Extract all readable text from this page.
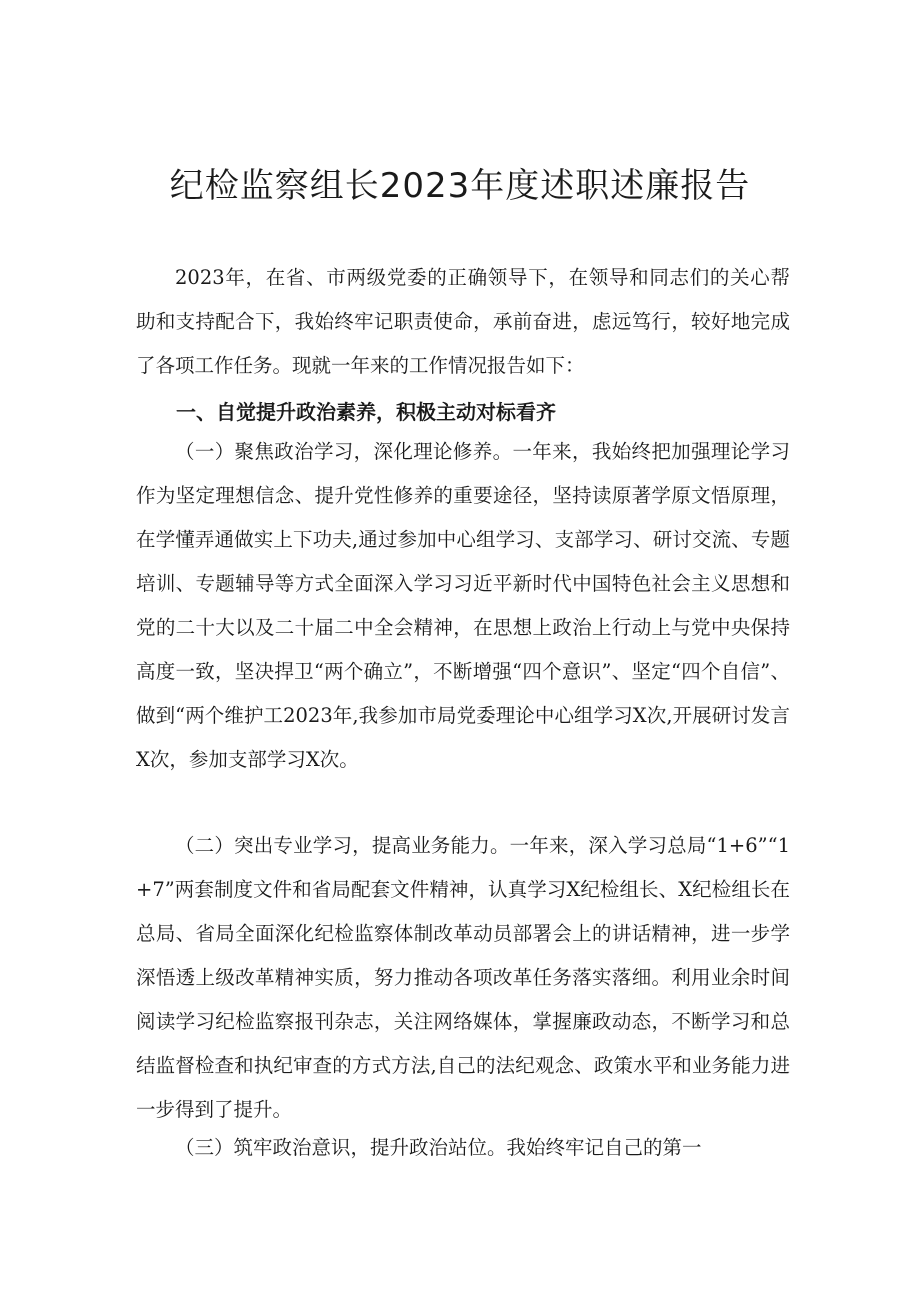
纪检监察组长2023年度述职述廉报告

2023年，在省、市两级党委的正确领导下，在领导和同志们的关心帮助和支持配合下，我始终牢记职责使命，承前奋进，虑远笃行，较好地完成了各项工作任务。现就一年来的工作情况报告如下：

一、自觉提升政治素养，积极主动对标看齐

（一）聚焦政治学习，深化理论修养。一年来，我始终把加强理论学习作为坚定理想信念、提升党性修养的重要途径，坚持读原著学原文悟原理，在学懂弄通做实上下功夫,通过参加中心组学习、支部学习、研讨交流、专题培训、专题辅导等方式全面深入学习习近平新时代中国特色社会主义思想和党的二十大以及二十届二中全会精神，在思想上政治上行动上与党中央保持高度一致，坚决捍卫“两个确立”，不断增强“四个意识”、坚定“四个自信”、做到“两个维护工2023年,我参加市局党委理论中心组学习X次,开展研讨发言X次，参加支部学习X次。

（二）突出专业学习，提高业务能力。一年来，深入学习总局“1+6”“1+7”两套制度文件和省局配套文件精神，认真学习X纪检组长、X纪检组长在总局、省局全面深化纪检监察体制改革动员部署会上的讲话精神，进一步学深悟透上级改革精神实质，努力推动各项改革任务落实落细。利用业余时间阅读学习纪检监察报刊杂志，关注网络媒体，掌握廉政动态，不断学习和总结监督检查和执纪审查的方式方法,自己的法纪观念、政策水平和业务能力进一步得到了提升。

（三）筑牢政治意识，提升政治站位。我始终牢记自己的第一
